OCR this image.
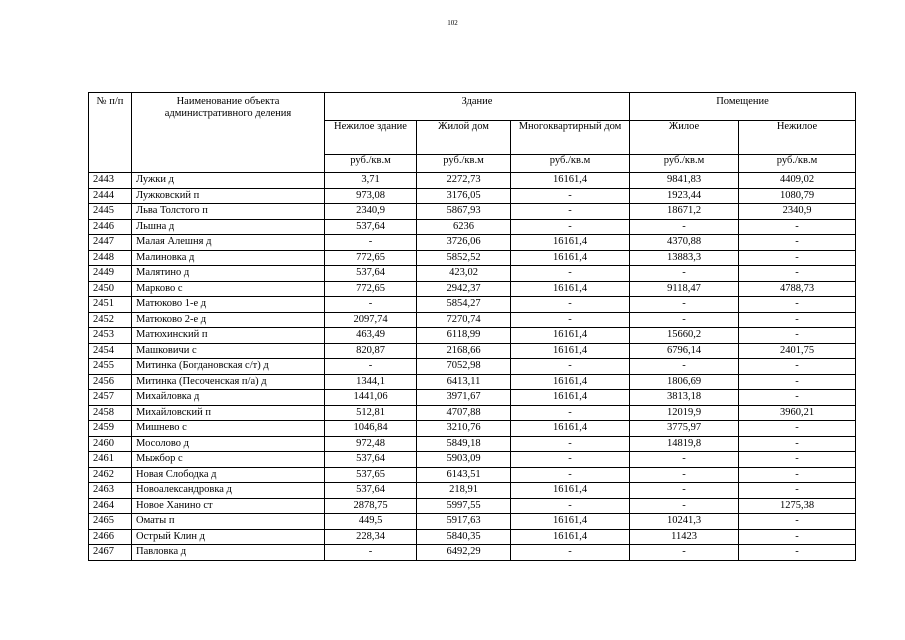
102
№ п/п	Наименование объекта административного деления	Здание			Помещение	
		Нежилое здание	Жилой дом	Многоквартирный дом	Жилое	Нежилое
		руб./кв.м	руб./кв.м	руб./кв.м	руб./кв.м	руб./кв.м
2443	Лужки д	3,71	2272,73	16161,4	9841,83	4409,02
2444	Лужковский п	973,08	3176,05	-	1923,44	1080,79
2445	Льва Толстого п	2340,9	5867,93	-	18671,2	2340,9
2446	Льшна д	537,64	6236	-	-	-
2447	Малая Алешня д	-	3726,06	16161,4	4370,88	-
2448	Малиновка д	772,65	5852,52	16161,4	13883,3	-
2449	Малятино д	537,64	423,02	-	-	-
2450	Марково с	772,65	2942,37	16161,4	9118,47	4788,73
2451	Матюково 1-е д	-	5854,27	-	-	-
2452	Матюково 2-е д	2097,74	7270,74	-	-	-
2453	Матюхинский п	463,49	6118,99	16161,4	15660,2	-
2454	Машковичи с	820,87	2168,66	16161,4	6796,14	2401,75
2455	Митинка (Богдановская с/т) д	-	7052,98	-	-	-
2456	Митинка (Песоченская п/а) д	1344,1	6413,11	16161,4	1806,69	-
2457	Михайловка д	1441,06	3971,67	16161,4	3813,18	-
2458	Михайловский п	512,81	4707,88	-	12019,9	3960,21
2459	Мишнево с	1046,84	3210,76	16161,4	3775,97	-
2460	Мосолово д	972,48	5849,18	-	14819,8	-
2461	Мыжбор с	537,64	5903,09	-	-	-
2462	Новая Слободка д	537,65	6143,51	-	-	-
2463	Новоалександровка д	537,64	218,91	16161,4	-	-
2464	Новое Ханино ст	2878,75	5997,55	-	-	1275,38
2465	Оматы п	449,5	5917,63	16161,4	10241,3	-
2466	Острый Клин д	228,34	5840,35	16161,4	11423	-
2467	Павловка д	-	6492,29	-	-	-
